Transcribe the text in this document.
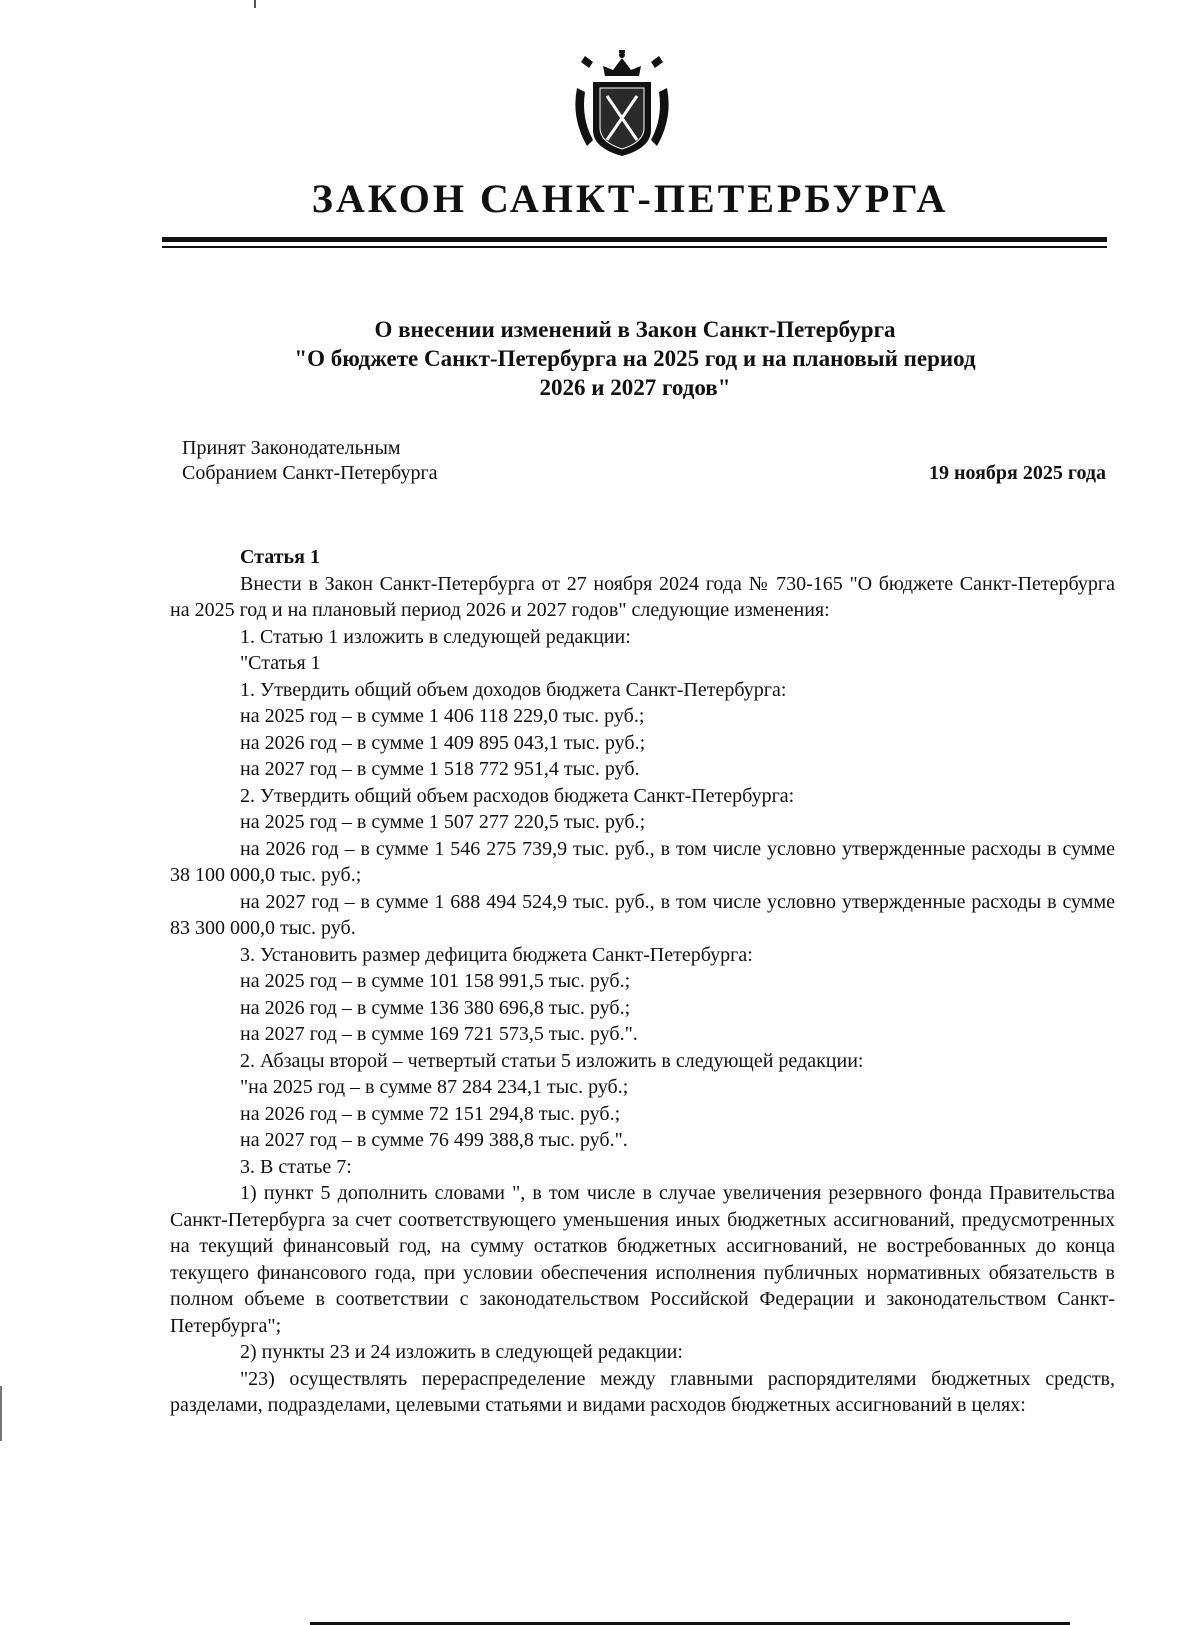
ЗАКОН САНКТ-ПЕТЕРБУРГА
О внесении изменений в Закон Санкт-Петербурга
"О бюджете Санкт-Петербурга на 2025 год и на плановый период
2026 и 2027 годов"
Принят Законодательным
Собранием Санкт-Петербурга	19 ноября 2025 года

Статья 1

Внести в Закон Санкт-Петербурга от 27 ноября 2024 года № 730-165 "О бюджете Санкт-Петербурга на 2025 год и на плановый период 2026 и 2027 годов" следующие изменения:

1. Статью 1 изложить в следующей редакции:

"Статья 1

1. Утвердить общий объем доходов бюджета Санкт-Петербурга:

на 2025 год – в сумме 1 406 118 229,0 тыс. руб.;

на 2026 год – в сумме 1 409 895 043,1 тыс. руб.;

на 2027 год – в сумме 1 518 772 951,4 тыс. руб.

2. Утвердить общий объем расходов бюджета Санкт-Петербурга:

на 2025 год – в сумме 1 507 277 220,5 тыс. руб.;

на 2026 год – в сумме 1 546 275 739,9 тыс. руб., в том числе условно утвержденные расходы в сумме 38 100 000,0 тыс. руб.;

на 2027 год – в сумме 1 688 494 524,9 тыс. руб., в том числе условно утвержденные расходы в сумме 83 300 000,0 тыс. руб.

3. Установить размер дефицита бюджета Санкт-Петербурга:

на 2025 год – в сумме 101 158 991,5 тыс. руб.;

на 2026 год – в сумме 136 380 696,8 тыс. руб.;

на 2027 год – в сумме 169 721 573,5 тыс. руб.".

2. Абзацы второй – четвертый статьи 5 изложить в следующей редакции:

"на 2025 год – в сумме 87 284 234,1 тыс. руб.;

на 2026 год – в сумме 72 151 294,8 тыс. руб.;

на 2027 год – в сумме 76 499 388,8 тыс. руб.".

3. В статье 7:

1) пункт 5 дополнить словами ", в том числе в случае увеличения резервного фонда Правительства Санкт-Петербурга за счет соответствующего уменьшения иных бюджетных ассигнований, предусмотренных на текущий финансовый год, на сумму остатков бюджетных ассигнований, не востребованных до конца текущего финансового года, при условии обеспечения исполнения публичных нормативных обязательств в полном объеме в соответствии с законодательством Российской Федерации и законодательством Санкт-Петербурга";

2) пункты 23 и 24 изложить в следующей редакции:

"23) осуществлять перераспределение между главными распорядителями бюджетных средств, разделами, подразделами, целевыми статьями и видами расходов бюджетных ассигнований в целях:
